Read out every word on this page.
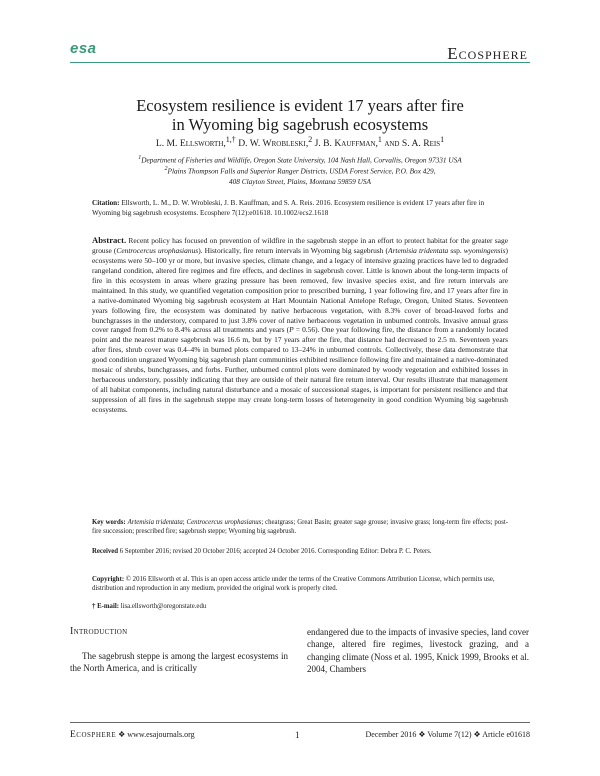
esa	Ecosphere
Ecosystem resilience is evident 17 years after fire
in Wyoming big sagebrush ecosystems
L. M. Ellsworth,$^{1,\dagger}$ D. W. Wrobleski,$^2$ J. B. Kauffman,$^1$ and S. A. Reis$^1$
$^1$Department of Fisheries and Wildlife, Oregon State University, 104 Nash Hall, Corvallis, Oregon 97331 USA
$^2$Plains Thompson Falls and Superior Ranger Districts, USDA Forest Service, P.O. Box 429,
408 Clayton Street, Plains, Montana 59859 USA
Citation: Ellsworth, L. M., D. W. Wrobleski, J. B. Kauffman, and S. A. Reis. 2016. Ecosystem resilience is evident 17 years after fire in Wyoming big sagebrush ecosystems. Ecosphere 7(12):e01618. 10.1002/ecs2.1618
Abstract. Recent policy has focused on prevention of wildfire in the sagebrush steppe in an effort to protect habitat for the greater sage grouse (Centrocercus urophasianus). Historically, fire return intervals in Wyoming big sagebrush (Artemisia tridentata ssp. wyomingensis) ecosystems were 50–100 yr or more, but invasive species, climate change, and a legacy of intensive grazing practices have led to degraded rangeland condition, altered fire regimes and fire effects, and declines in sagebrush cover. Little is known about the long-term impacts of fire in this ecosystem in areas where grazing pressure has been removed, few invasive species exist, and fire return intervals are maintained. In this study, we quantified vegetation composition prior to prescribed burning, 1 year following fire, and 17 years after fire in a native-dominated Wyoming big sagebrush ecosystem at Hart Mountain National Antelope Refuge, Oregon, United States. Seventeen years following fire, the ecosystem was dominated by native herbaceous vegetation, with 8.3% cover of broad-leaved forbs and bunchgrasses in the understory, compared to just 3.8% cover of native herbaceous vegetation in unburned controls. Invasive annual grass cover ranged from 0.2% to 8.4% across all treatments and years (P = 0.56). One year following fire, the distance from a randomly located point and the nearest mature sagebrush was 16.6 m, but by 17 years after the fire, that distance had decreased to 2.5 m. Seventeen years after fires, shrub cover was 0.4–4% in burned plots compared to 13–24% in unburned controls. Collectively, these data demonstrate that good condition ungrazed Wyoming big sagebrush plant communities exhibited resilience following fire and maintained a native-dominated mosaic of shrubs, bunchgrasses, and forbs. Further, unburned control plots were dominated by woody vegetation and exhibited losses in herbaceous understory, possibly indicating that they are outside of their natural fire return interval. Our results illustrate that management of all habitat components, including natural disturbance and a mosaic of successional stages, is important for persistent resilience and that suppression of all fires in the sagebrush steppe may create long-term losses of heterogeneity in good condition Wyoming big sagebrush ecosystems.
Key words: Artemisia tridentata; Centrocercus urophasianus; cheatgrass; Great Basin; greater sage grouse; invasive grass; long-term fire effects; post-fire succession; prescribed fire; sagebrush steppe; Wyoming big sagebrush.
Received 6 September 2016; revised 20 October 2016; accepted 24 October 2016. Corresponding Editor: Debra P. C. Peters.
Copyright: © 2016 Ellsworth et al. This is an open access article under the terms of the Creative Commons Attribution License, which permits use, distribution and reproduction in any medium, provided the original work is properly cited.
† E-mail: lisa.ellsworth@oregonstate.edu
Introduction
The sagebrush steppe is among the largest ecosystems in the North America, and is critically
endangered due to the impacts of invasive species, land cover change, altered fire regimes, livestock grazing, and a changing climate (Noss et al. 1995, Knick 1999, Brooks et al. 2004, Chambers
Ecosphere ❖ www.esajournals.org	1	December 2016 ❖ Volume 7(12) ❖ Article e01618
